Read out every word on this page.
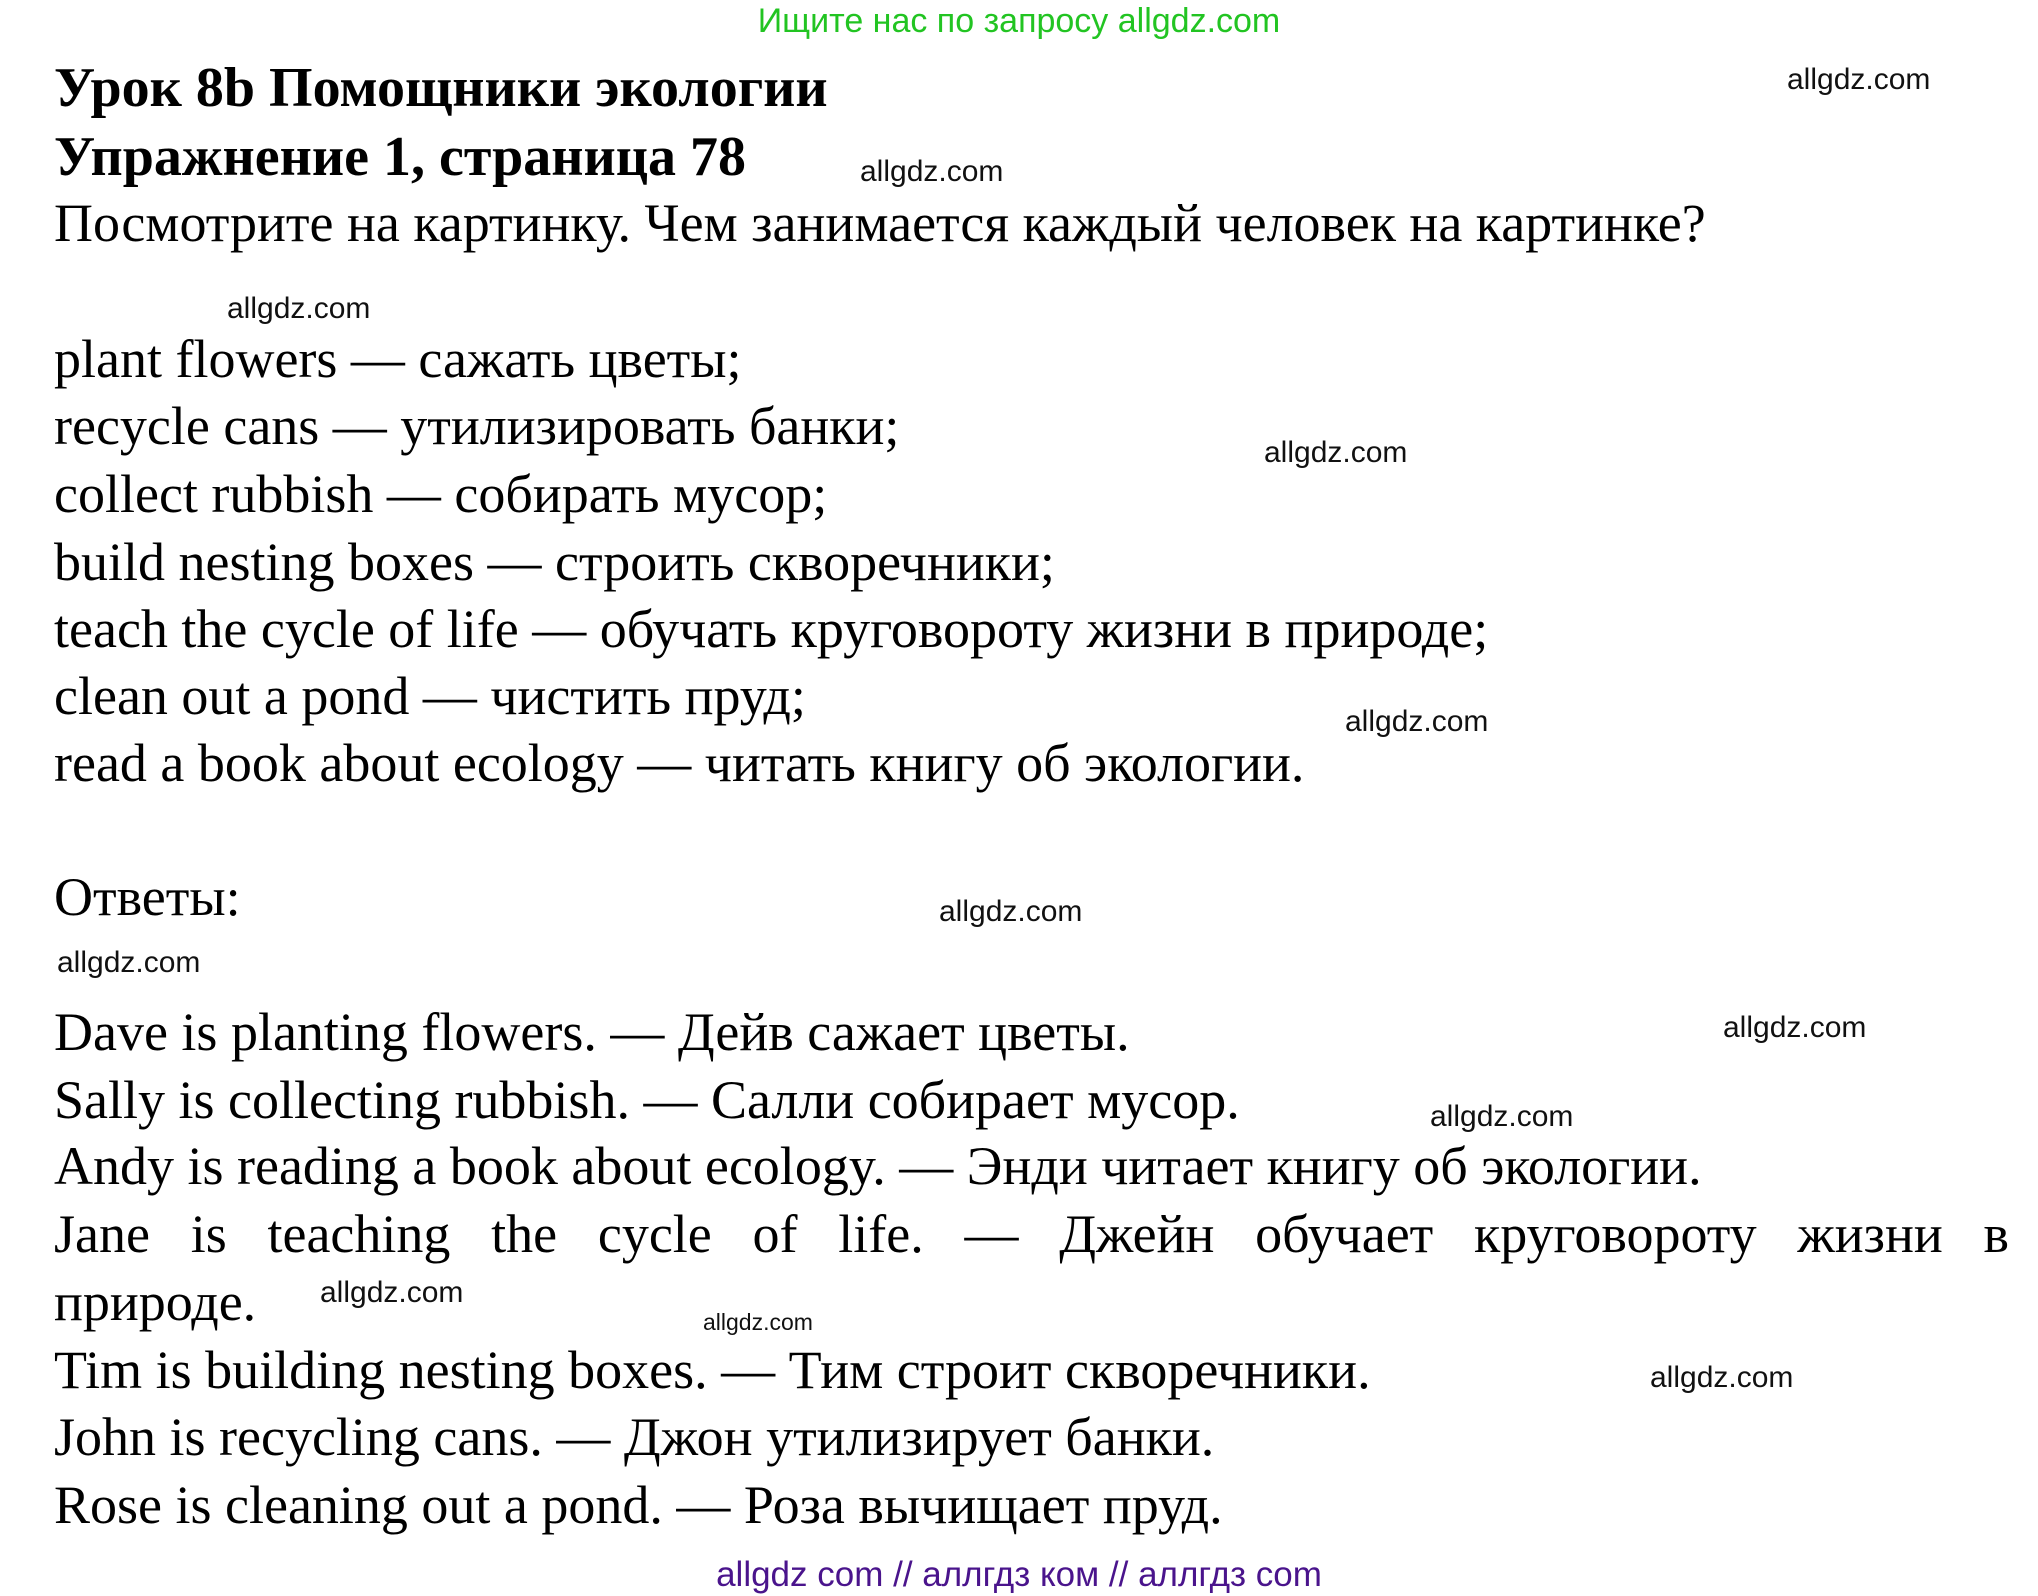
Ищите нас по запросу allgdz.com
Урок 8b Помощники экологии
Упражнение 1, страница 78
Посмотрите на картинку. Чем занимается каждый человек на картинке?
plant flowers — сажать цветы;
recycle cans — утилизировать банки;
collect rubbish — собирать мусор;
build nesting boxes — строить скворечники;
teach the cycle of life — обучать круговороту жизни в природе;
clean out a pond — чистить пруд;
read a book about ecology — читать книгу об экологии.
Ответы:
Dave is planting flowers. — Дейв сажает цветы.
Sally is collecting rubbish. — Салли собирает мусор.
Andy is reading a book about ecology. — Энди читает книгу об экологии.
Jane is teaching the cycle of life. — Джейн обучает круговороту жизни в
природе.
Tim is building nesting boxes. — Тим строит скворечники.
John is recycling cans. — Джон утилизирует банки.
Rose is cleaning out a pond. — Роза вычищает пруд.
allgdz.com
allgdz.com
allgdz.com
allgdz.com
allgdz.com
allgdz.com
allgdz.com
allgdz.com
allgdz.com
allgdz.com
allgdz.com
allgdz.com
allgdz com // аллгдз ком // аллгдз com
